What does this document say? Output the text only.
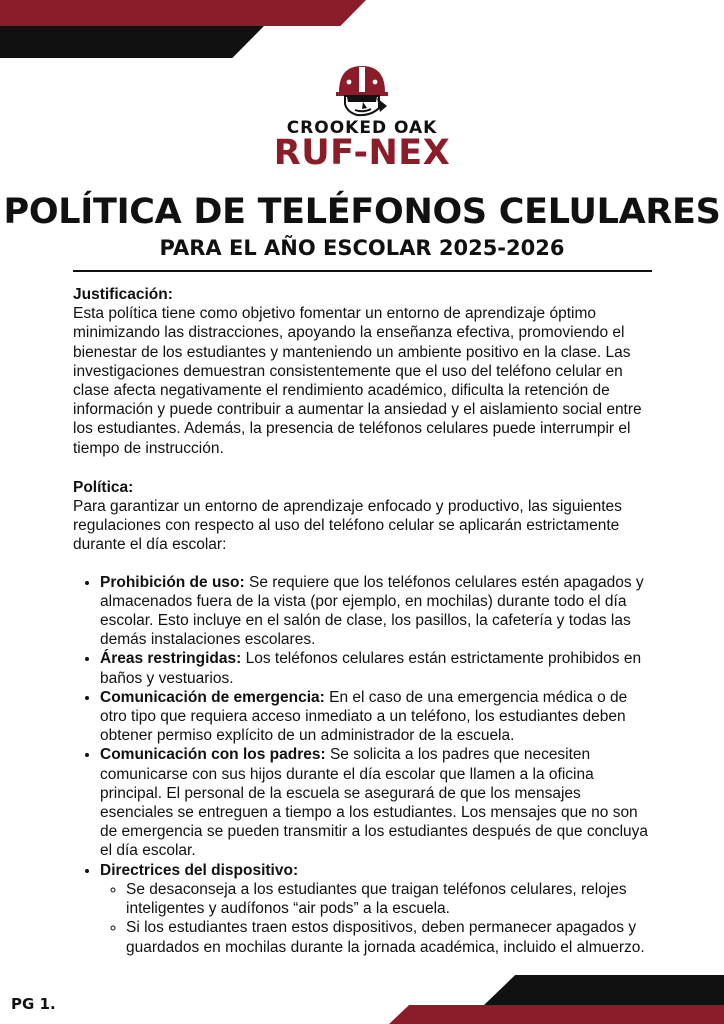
CROOKED OAK
RUF-NEX
POLÍTICA DE TELÉFONOS CELULARES
PARA EL AÑO ESCOLAR 2025-2026

Justificación:

Esta política tiene como objetivo fomentar un entorno de aprendizaje óptimo minimizando las distracciones, apoyando la enseñanza efectiva, promoviendo el bienestar de los estudiantes y manteniendo un ambiente positivo en la clase. Las investigaciones demuestran consistentemente que el uso del teléfono celular en clase afecta negativamente el rendimiento académico, dificulta la retención de información y puede contribuir a aumentar la ansiedad y el aislamiento social entre los estudiantes. Además, la presencia de teléfonos celulares puede interrumpir el tiempo de instrucción.

Política:

Para garantizar un entorno de aprendizaje enfocado y productivo, las siguientes regulaciones con respecto al uso del teléfono celular se aplicarán estrictamente durante el día escolar:

• Prohibición de uso: Se requiere que los teléfonos celulares estén apagados y almacenados fuera de la vista (por ejemplo, en mochilas) durante todo el día escolar. Esto incluye en el salón de clase, los pasillos, la cafetería y todas las demás instalaciones escolares.
• Áreas restringidas: Los teléfonos celulares están estrictamente prohibidos en baños y vestuarios.
• Comunicación de emergencia: En el caso de una emergencia médica o de otro tipo que requiera acceso inmediato a un teléfono, los estudiantes deben obtener permiso explícito de un administrador de la escuela.
• Comunicación con los padres: Se solicita a los padres que necesiten comunicarse con sus hijos durante el día escolar que llamen a la oficina principal. El personal de la escuela se asegurará de que los mensajes esenciales se entreguen a tiempo a los estudiantes. Los mensajes que no son de emergencia se pueden transmitir a los estudiantes después de que concluya el día escolar.
• Directrices del dispositivo:
◦ Se desaconseja a los estudiantes que traigan teléfonos celulares, relojes inteligentes y audífonos “air pods” a la escuela.
◦ Si los estudiantes traen estos dispositivos, deben permanecer apagados y guardados en mochilas durante la jornada académica, incluido el almuerzo.
PG 1.
